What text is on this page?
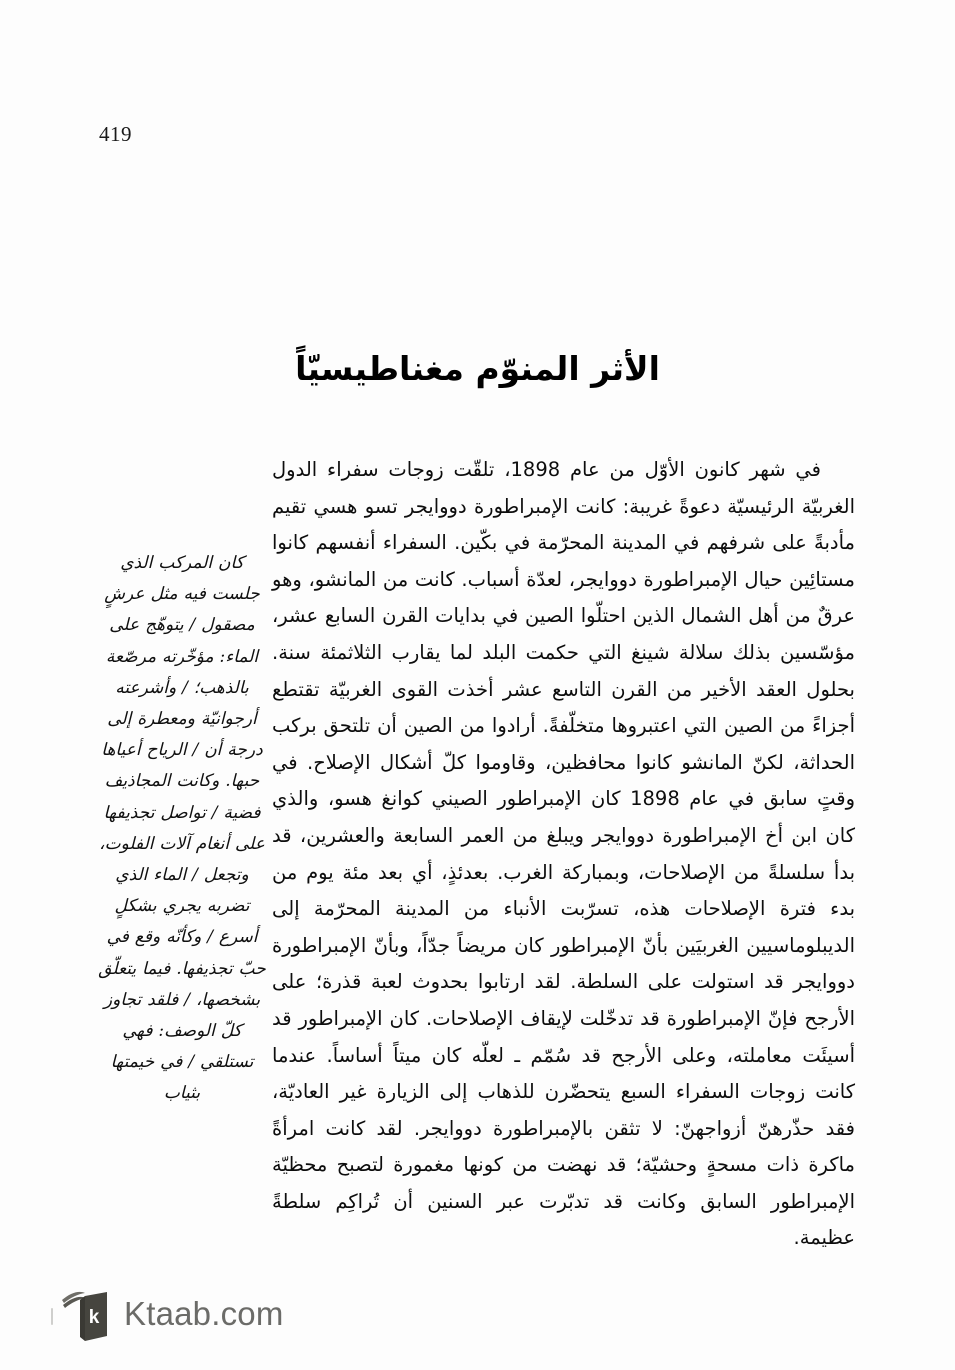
419
الأثر المنوّم مغناطيسيّاً

في شهر كانون الأوّل من عام 1898، تلقّت زوجات سفراء الدول الغربيّة الرئيسيّة دعوةً غريبة: كانت الإمبراطورة دووايجر تسو هسي تقيم مأدبةً على شرفهم في المدينة المحرّمة في بكّين. السفراء أنفسهم كانوا مستائِين حيال الإمبراطورة دووايجر، لعدّة أسباب. كانت من المانشو، وهو عرقٌ من أهل الشمال الذين احتلّوا الصين في بدايات القرن السابع عشر، مؤسّسين بذلك سلالة شينغ التي حكمت البلد لما يقارب الثلاثمئة سنة. بحلول العقد الأخير من القرن التاسع عشر أخذت القوى الغربيّة تقتطع أجزاءً من الصين التي اعتبروها متخلّفةً. أرادوا من الصين أن تلتحق بركب الحداثة، لكنّ المانشو كانوا محافظين، وقاوموا كلّ أشكال الإصلاح. في وقتٍ سابق في عام 1898 كان الإمبراطور الصيني كوانغ هسو، والذي كان ابن أخ الإمبراطورة دووايجر ويبلغ من العمر السابعة والعشرين، قد بدأ سلسلةً من الإصلاحات، وبمباركة الغرب. بعدئذٍ، أي بعد مئة يوم من بدء فترة الإصلاحات هذه، تسرّبت الأنباء من المدينة المحرّمة إلى الديبلوماسيين الغربيَين بأنّ الإمبراطور كان مريضاً جدّاً، وبأنّ الإمبراطورة دووايجر قد استولت على السلطة. لقد ارتابوا بحدوث لعبة قذرة؛ على الأرجح فإنّ الإمبراطورة قد تدخّلت لإيقاف الإصلاحات. كان الإمبراطور قد أسيئَت معاملته، وعلى الأرجح قد سُمّم ـ لعلّه كان ميتاً أساساً. عندما كانت زوجات السفراء السبع يتحضّرن للذهاب إلى الزيارة غير العاديّة، فقد حذّرهنّ أزواجهنّ: لا تثقن بالإمبراطورة دووايجر. لقد كانت امرأةً ماكرة ذات مسحةٍ وحشيّة؛ قد نهضت من كونها مغمورة لتصبح محظيّة الإمبراطور السابق وكانت قد تدبّرت عبر السنين أن تُراكِم سلطةً عظيمة.

كان المركب الذي جلست فيه مثل عرشٍ مصقول / يتوهّج على الماء: مؤخّرته مرصّعة بالذهب؛ / وأشرعته أرجوانيّة ومعطرة إلى درجة أن / الرياح أعياها حبها. وكانت المجاذيف فضية / تواصل تجذيفها على أنغام آلات الفلوت، وتجعل / الماء الذي تضربه يجري بشكلٍ أسرع / وكأنّه وقع في حبّ تجذيفها. فيما يتعلّق بشخصها، / فلقد تجاوز كلّ الوصف: فهي تستلقي / في خيمتها بثياب

k Ktaab.com
